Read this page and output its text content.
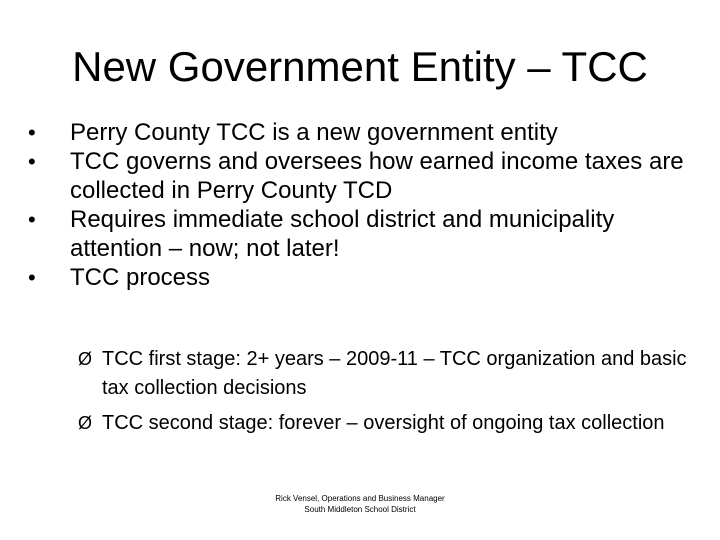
New Government Entity – TCC
•	Perry County TCC is a new government entity
•	TCC governs and oversees how earned income taxes are collected in Perry County TCD
•	Requires immediate school district and municipality attention – now; not later!
•	TCC process
Ø TCC first stage: 2+ years – 2009-11 – TCC organization and basic tax collection decisions
Ø TCC second stage: forever – oversight of ongoing tax collection
Rick Vensel, Operations and Business Manager
South Middleton School District
